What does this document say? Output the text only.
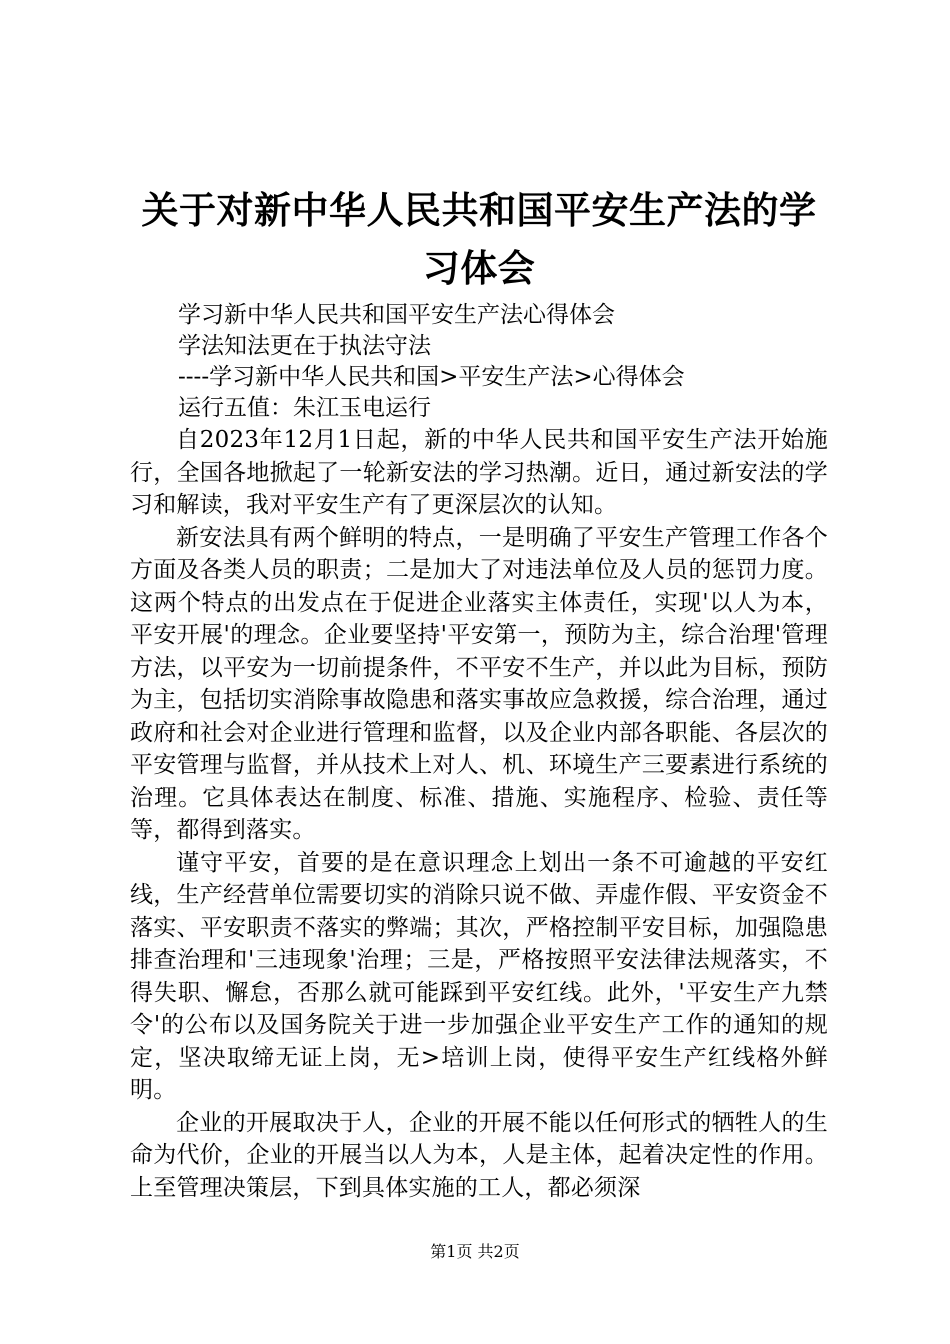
关于对新中华人民共和国平安生产法的学习体会
学习新中华人民共和国平安生产法心得体会
学法知法更在于执法守法
----学习新中华人民共和国>平安生产法>心得体会
运行五值：朱江玉电运行

自2023年12月1日起，新的中华人民共和国平安生产法开始施行，全国各地掀起了一轮新安法的学习热潮。近日，通过新安法的学习和解读，我对平安生产有了更深层次的认知。

新安法具有两个鲜明的特点，一是明确了平安生产管理工作各个方面及各类人员的职责；二是加大了对违法单位及人员的惩罚力度。这两个特点的出发点在于促进企业落实主体责任，实现'以人为本，平安开展'的理念。企业要坚持'平安第一，预防为主，综合治理'管理方法，以平安为一切前提条件，不平安不生产，并以此为目标，预防为主，包括切实消除事故隐患和落实事故应急救援，综合治理，通过政府和社会对企业进行管理和监督，以及企业内部各职能、各层次的平安管理与监督，并从技术上对人、机、环境生产三要素进行系统的治理。它具体表达在制度、标准、措施、实施程序、检验、责任等等，都得到落实。

谨守平安，首要的是在意识理念上划出一条不可逾越的平安红线，生产经营单位需要切实的消除只说不做、弄虚作假、平安资金不落实、平安职责不落实的弊端；其次，严格控制平安目标，加强隐患排查治理和'三违现象'治理；三是，严格按照平安法律法规落实，不得失职、懈怠，否那么就可能踩到平安红线。此外，'平安生产九禁令'的公布以及国务院关于进一步加强企业平安生产工作的通知的规定，坚决取缔无证上岗，无>培训上岗，使得平安生产红线格外鲜明。

企业的开展取决于人，企业的开展不能以任何形式的牺牲人的生命为代价，企业的开展当以人为本，人是主体，起着决定性的作用。上至管理决策层，下到具体实施的工人，都必须深

第1页 共2页
